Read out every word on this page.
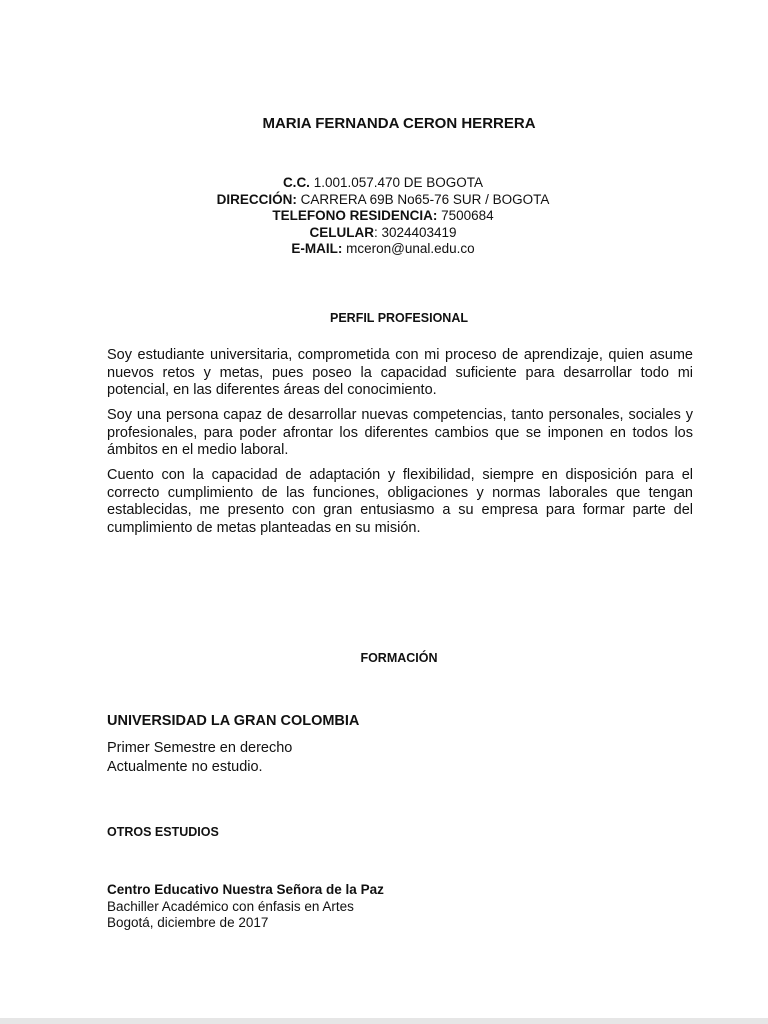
MARIA FERNANDA CERON HERRERA
C.C. 1.001.057.470 DE BOGOTA
DIRECCIÓN: CARRERA 69B No65-76 SUR / BOGOTA
TELEFONO RESIDENCIA: 7500684
CELULAR: 3024403419
E-MAIL: mceron@unal.edu.co
PERFIL PROFESIONAL

Soy estudiante universitaria, comprometida con mi proceso de aprendizaje, quien asume nuevos retos y metas, pues poseo la capacidad suficiente para desarrollar todo mi potencial, en las diferentes áreas del conocimiento.

Soy una persona capaz de desarrollar nuevas competencias, tanto personales, sociales y profesionales, para poder afrontar los diferentes cambios que se imponen en todos los ámbitos en el medio laboral.

Cuento con la capacidad de adaptación y flexibilidad, siempre en disposición para el correcto cumplimiento de las funciones, obligaciones y normas laborales que tengan establecidas, me presento con gran entusiasmo a su empresa para formar parte del cumplimiento de metas planteadas en su misión.

FORMACIÓN
UNIVERSIDAD LA GRAN COLOMBIA
Primer Semestre en derecho
Actualmente no estudio.
OTROS ESTUDIOS
Centro Educativo Nuestra Señora de la Paz
Bachiller Académico con énfasis en Artes
Bogotá, diciembre de 2017
